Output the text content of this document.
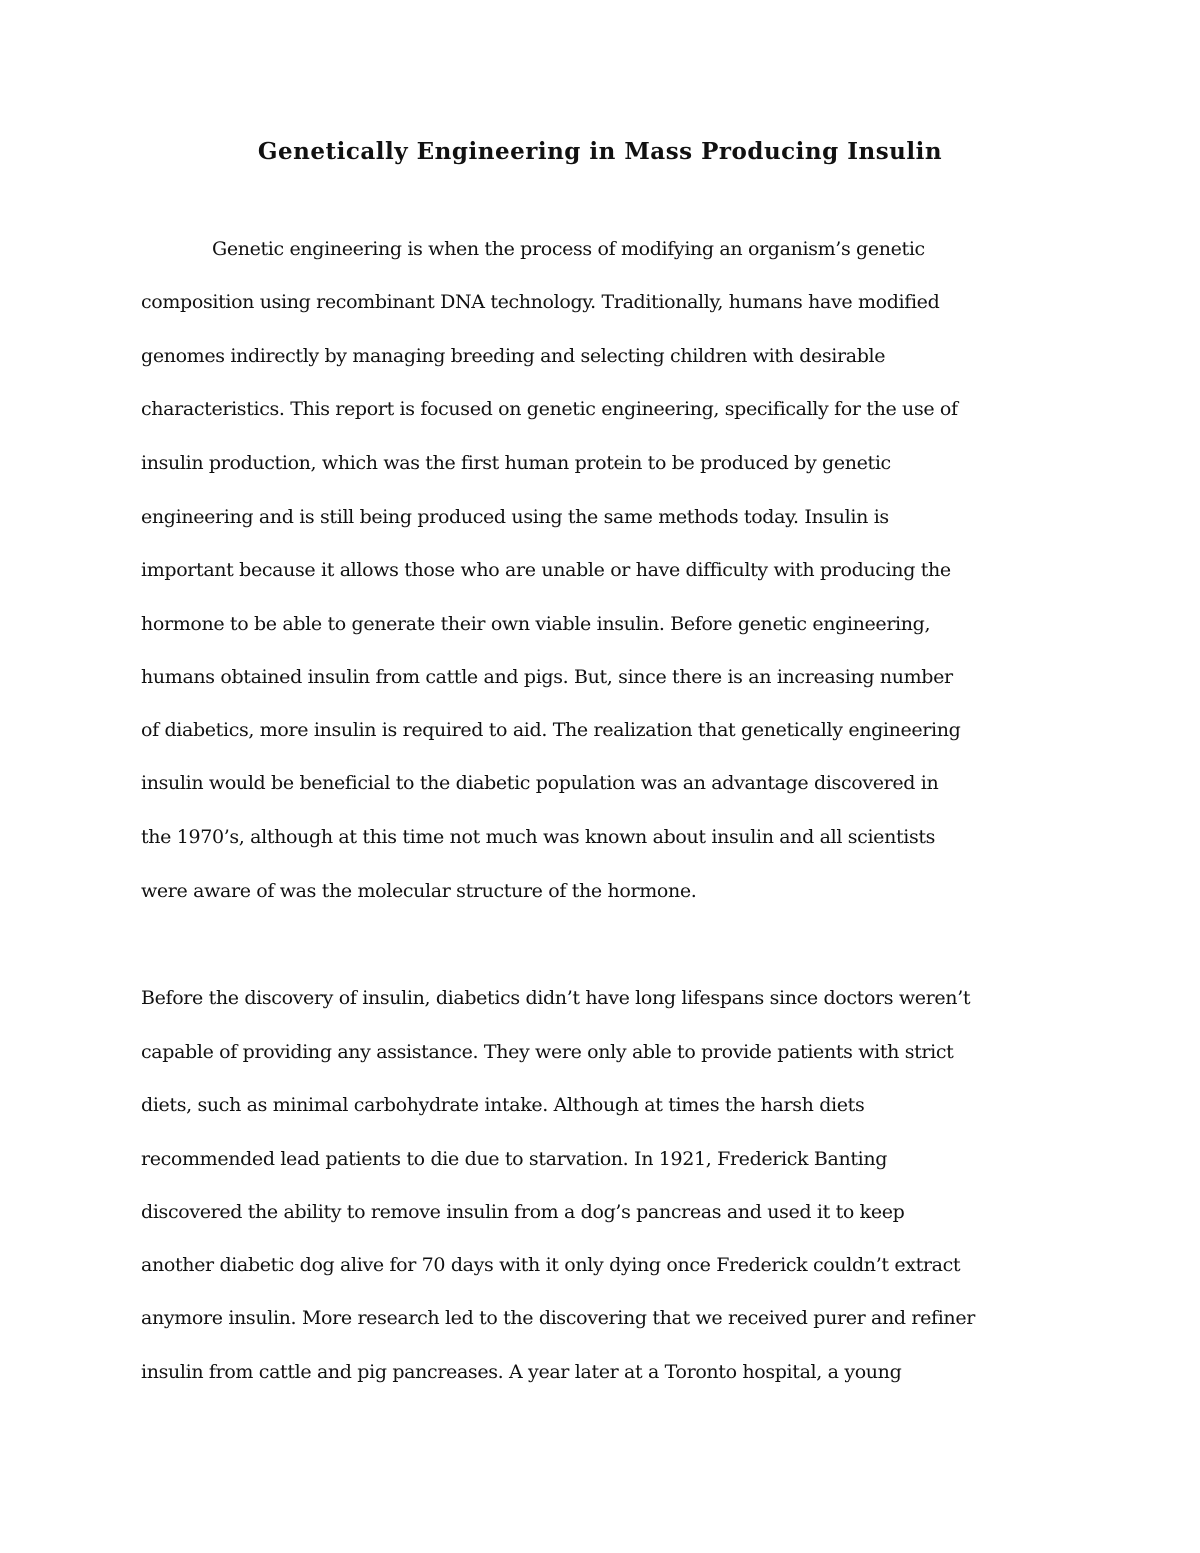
Genetically Engineering in Mass Producing Insulin
Genetic engineering is when the process of modifying an organism’s genetic
composition using recombinant DNA technology. Traditionally, humans have modified
genomes indirectly by managing breeding and selecting children with desirable
characteristics. This report is focused on genetic engineering, specifically for the use of
insulin production, which was the first human protein to be produced by genetic
engineering and is still being produced using the same methods today. Insulin is
important because it allows those who are unable or have difficulty with producing the
hormone to be able to generate their own viable insulin. Before genetic engineering,
humans obtained insulin from cattle and pigs. But, since there is an increasing number
of diabetics, more insulin is required to aid. The realization that genetically engineering
insulin would be beneficial to the diabetic population was an advantage discovered in
the 1970’s, although at this time not much was known about insulin and all scientists
were aware of was the molecular structure of the hormone.
Before the discovery of insulin, diabetics didn’t have long lifespans since doctors weren’t
capable of providing any assistance. They were only able to provide patients with strict
diets, such as minimal carbohydrate intake. Although at times the harsh diets
recommended lead patients to die due to starvation. In 1921, Frederick Banting
discovered the ability to remove insulin from a dog’s pancreas and used it to keep
another diabetic dog alive for 70 days with it only dying once Frederick couldn’t extract
anymore insulin. More research led to the discovering that we received purer and refiner
insulin from cattle and pig pancreases. A year later at a Toronto hospital, a young
